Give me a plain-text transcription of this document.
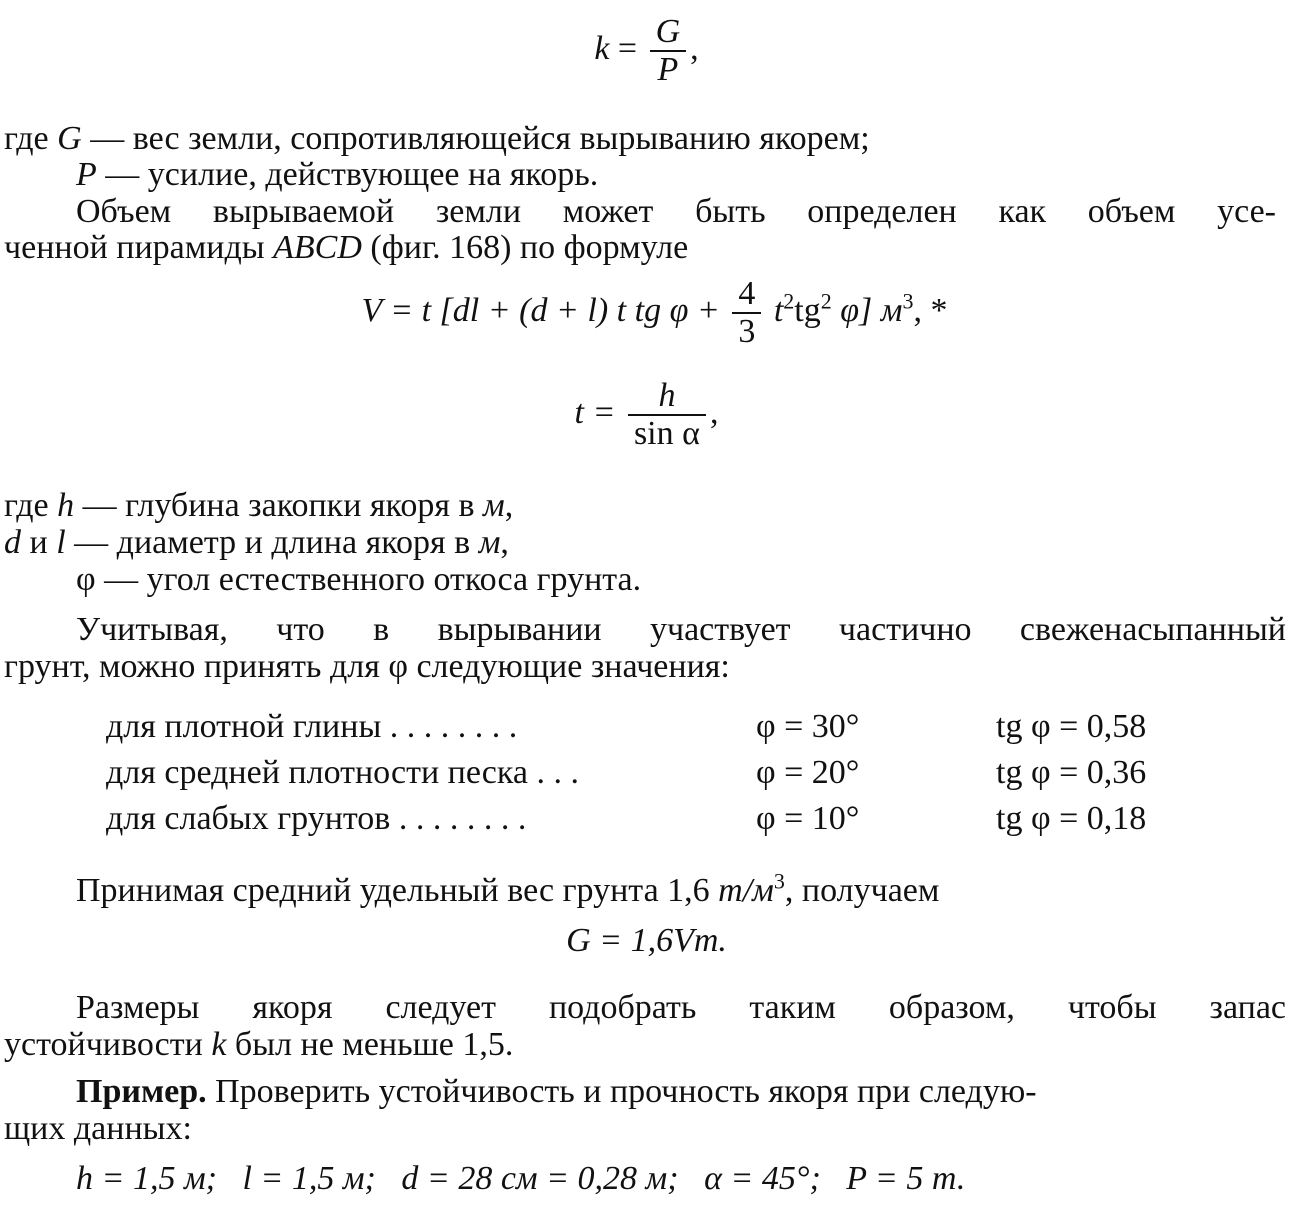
$k = \frac{G}{P}$ ,
где G — вес земли, сопротивляющейся вырыванию якорем;
P — усилие, действующее на якорь.
Объем вырываемой земли может быть определен как объем усе-
ченной пирамиды ABCD (фиг. 168) по формуле
V = t [dl + (d + l) t tg $\varphi + \frac{4}{3} t^2tg^2$ φ] $м^3$, *
$t = \frac{h}{\text{sin α}}$ ,
где h — глубина закопки якоря в м,
d и l — диаметр и длина якоря в м,
φ — угол естественного откоса грунта.
Учитывая, что в вырывании участвует частично свеженасыпанный
грунт, можно принять для φ следующие значения:
для плотной глины . . . . . . . .	φ = 30°	tg φ = 0,58
для средней плотности песка . . .	φ = 20°	tg φ = 0,36
для слабых грунтов . . . . . . . .	φ = 10°	tg φ = 0,18
Принимая средний удельный вес грунта 1,6 $т/м^3$, получаем
G = 1,6Vm.
Размеры якоря следует подобрать таким образом, чтобы запас
устойчивости k был не меньше 1,5.
Пример. Проверить устойчивость и прочность якоря при следую-
щих данных:
h = 1,5 м;   l = 1,5 м;   d = 28 см = 0,28 м;   α = 45°;   P = 5 т.
